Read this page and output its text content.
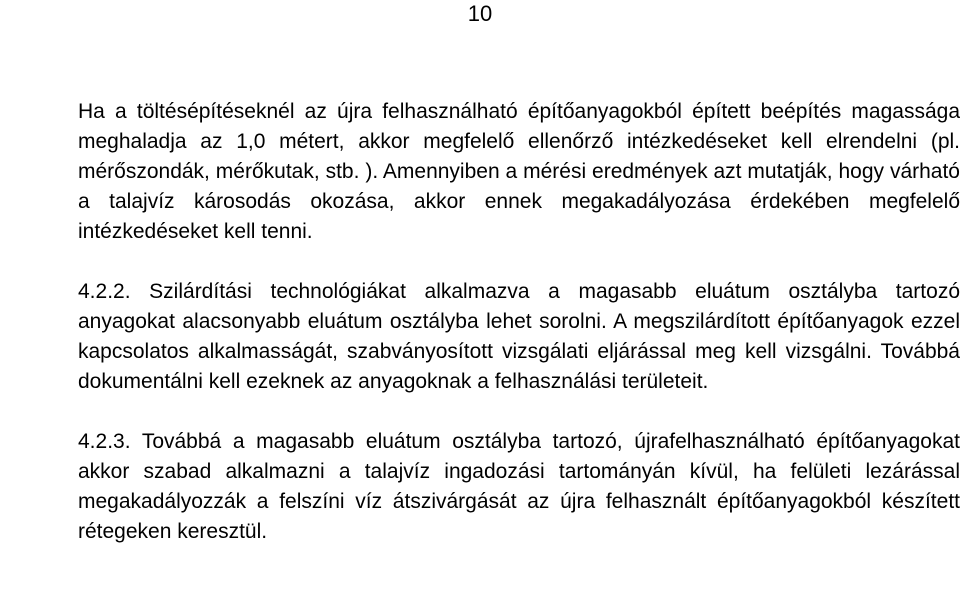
10

Ha a töltésépítéseknél az újra felhasználható építőanyagokból épített beépítés magassága meghaladja az 1,0 métert, akkor megfelelő ellenőrző intézkedéseket kell elrendelni (pl. mérőszondák, mérőkutak, stb. ). Amennyiben a mérési eredmények azt mutatják, hogy várható a talajvíz károsodás okozása, akkor ennek megakadályozása érdekében megfelelő intézkedéseket kell tenni.

4.2.2. Szilárdítási technológiákat alkalmazva a magasabb eluátum osztályba tartozó anyagokat alacsonyabb eluátum osztályba lehet sorolni. A megszilárdított építőanyagok ezzel kapcsolatos alkalmasságát, szabványosított vizsgálati eljárással meg kell vizsgálni. Továbbá dokumentálni kell ezeknek az anyagoknak a felhasználási területeit.

4.2.3. Továbbá a magasabb eluátum osztályba tartozó, újrafelhasználható építőanyagokat akkor szabad alkalmazni a talajvíz ingadozási tartományán kívül, ha felületi lezárással megakadályozzák a felszíni víz átszivárgását az újra felhasznált építőanyagokból készített rétegeken keresztül.
